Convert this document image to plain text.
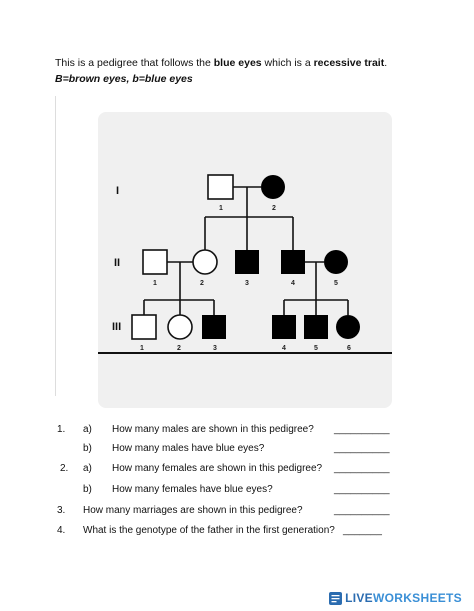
This is a pedigree that follows the blue eyes which is a recessive trait. B=brown eyes, b=blue eyes
I
II
III
1	2
1	2	3	4	5
1	2	3	4	5	6
1. a) How many males are shown in this pedigree? __________
b) How many males have blue eyes?	__________
2. a) How many females are shown in this pedigree? __________
b) How many females have blue eyes?	__________
3. How many marriages are shown in this pedigree?	__________
4. What is the genotype of the father in the first generation? _______
LIVE WORKSHEETS
